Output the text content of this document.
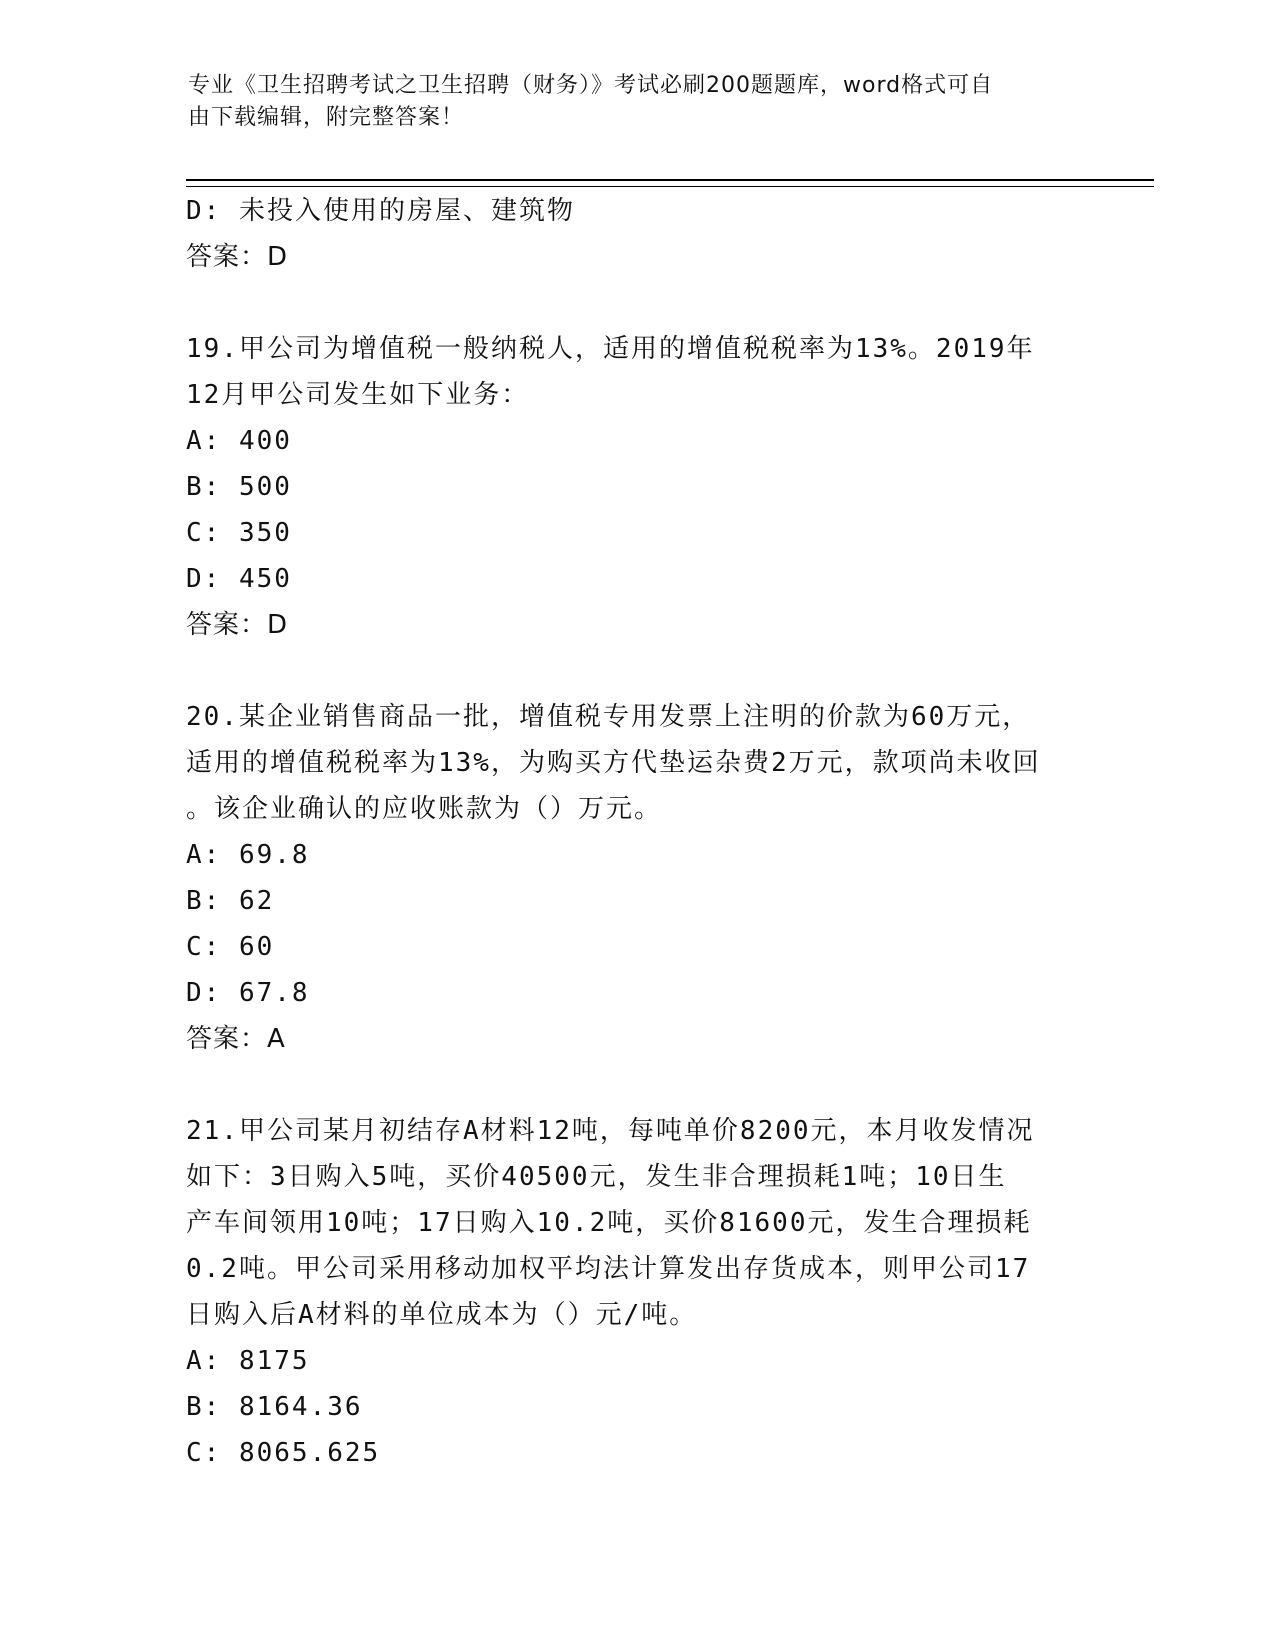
专业《卫生招聘考试之卫生招聘（财务）》考试必刷200题题库，word格式可自
由下载编辑，附完整答案！
D: 未投入使用的房屋、建筑物
答案：D
19.甲公司为增值税一般纳税人，适用的增值税税率为13%。2019年
12月甲公司发生如下业务：
A: 400
B: 500
C: 350
D: 450
答案：D
20.某企业销售商品一批，增值税专用发票上注明的价款为60万元，
适用的增值税税率为13%，为购买方代垫运杂费2万元，款项尚未收回
。该企业确认的应收账款为（）万元。
A: 69.8
B: 62
C: 60
D: 67.8
答案：A
21.甲公司某月初结存A材料12吨，每吨单价8200元，本月收发情况
如下：3日购入5吨，买价40500元，发生非合理损耗1吨；10日生
产车间领用10吨；17日购入10.2吨，买价81600元，发生合理损耗
0.2吨。甲公司采用移动加权平均法计算发出存货成本，则甲公司17
日购入后A材料的单位成本为（）元/吨。
A: 8175
B: 8164.36
C: 8065.625
